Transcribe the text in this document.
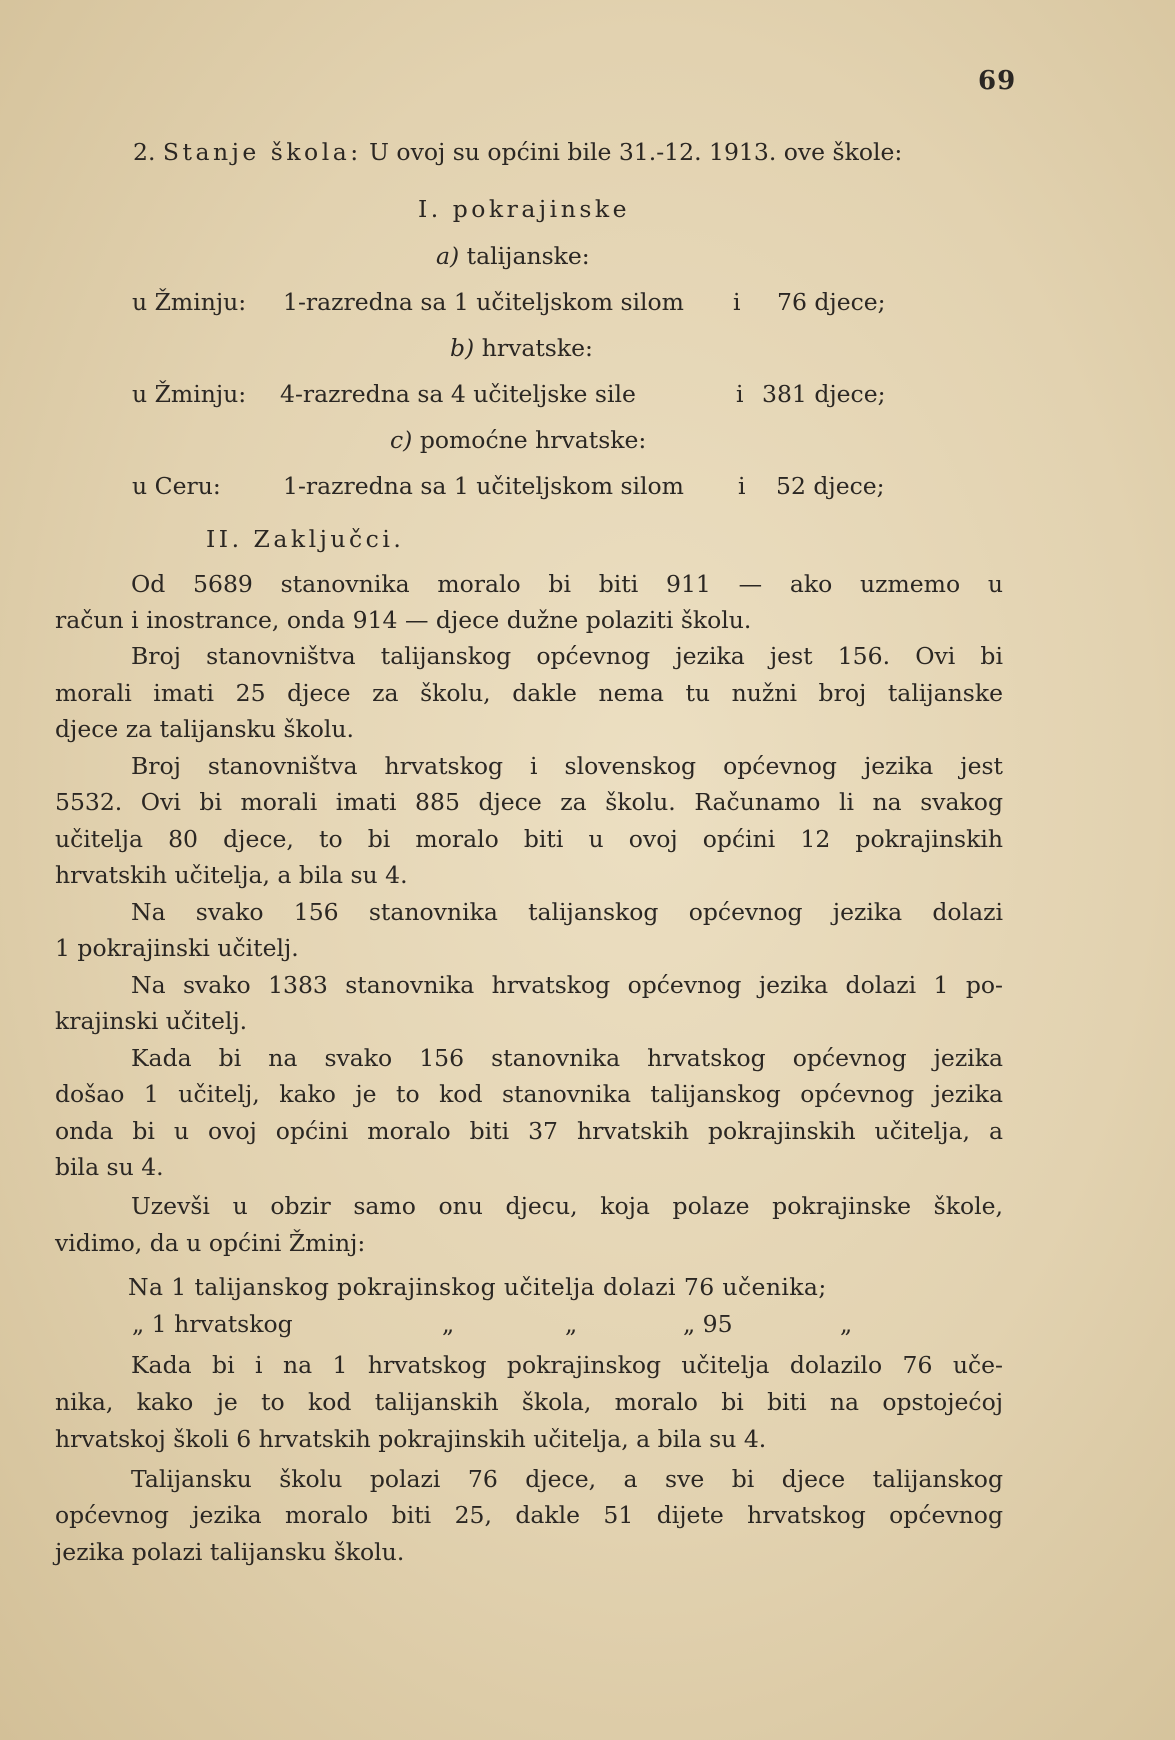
69

2. Stanje škola: U ovoj su općini bile 31.-12. 1913. ove škole:

I. pokrajinske

a) talijanske:

u Žminju: 1-razredna sa 1 učiteljskom silom i 76 djece;

b) hrvatske:

u Žminju: 4-razredna sa 4 učiteljske sile	i 381 djece;

c) pomoćne hrvatske:

u Ceru:	1-razredna sa 1 učiteljskom silom i 52 djece;

II. Zaključci.

Od 5689 stanovnika moralo bi biti 911 — ako uzmemo u

račun i inostrance, onda 914 — djece dužne polaziti školu.

Broj stanovništva talijanskog općevnog jezika jest 156. Ovi bi

morali imati 25 djece za školu, dakle nema tu nužni broj talijanske

djece za talijansku školu.

Broj stanovništva hrvatskog i slovenskog općevnog jezika jest

5532. Ovi bi morali imati 885 djece za školu. Računamo li na svakog

učitelja 80 djece, to bi moralo biti u ovoj općini 12 pokrajinskih

hrvatskih učitelja, a bila su 4.

Na svako 156 stanovnika talijanskog općevnog jezika dolazi

1 pokrajinski učitelj.

Na svako 1383 stanovnika hrvatskog općevnog jezika dolazi 1 po-

krajinski učitelj.

Kada bi na svako 156 stanovnika hrvatskog općevnog jezika

došao 1 učitelj, kako je to kod stanovnika talijanskog općevnog jezika

onda bi u ovoj općini moralo biti 37 hrvatskih pokrajinskih učitelja, a

bila su 4.

Uzevši u obzir samo onu djecu, koja polaze pokrajinske škole,

vidimo, da u općini Žminj:

Na 1 talijanskog pokrajinskog učitelja dolazi 76 učenika;

„ 1 hrvatskog	„	„	„ 95	„

Kada bi i na 1 hrvatskog pokrajinskog učitelja dolazilo 76 uče-

nika, kako je to kod talijanskih škola, moralo bi biti na opstojećoj

hrvatskoj školi 6 hrvatskih pokrajinskih učitelja, a bila su 4.

Talijansku školu polazi 76 djece, a sve bi djece talijanskog

općevnog jezika moralo biti 25, dakle 51 dijete hrvatskog općevnog

jezika polazi talijansku školu.
